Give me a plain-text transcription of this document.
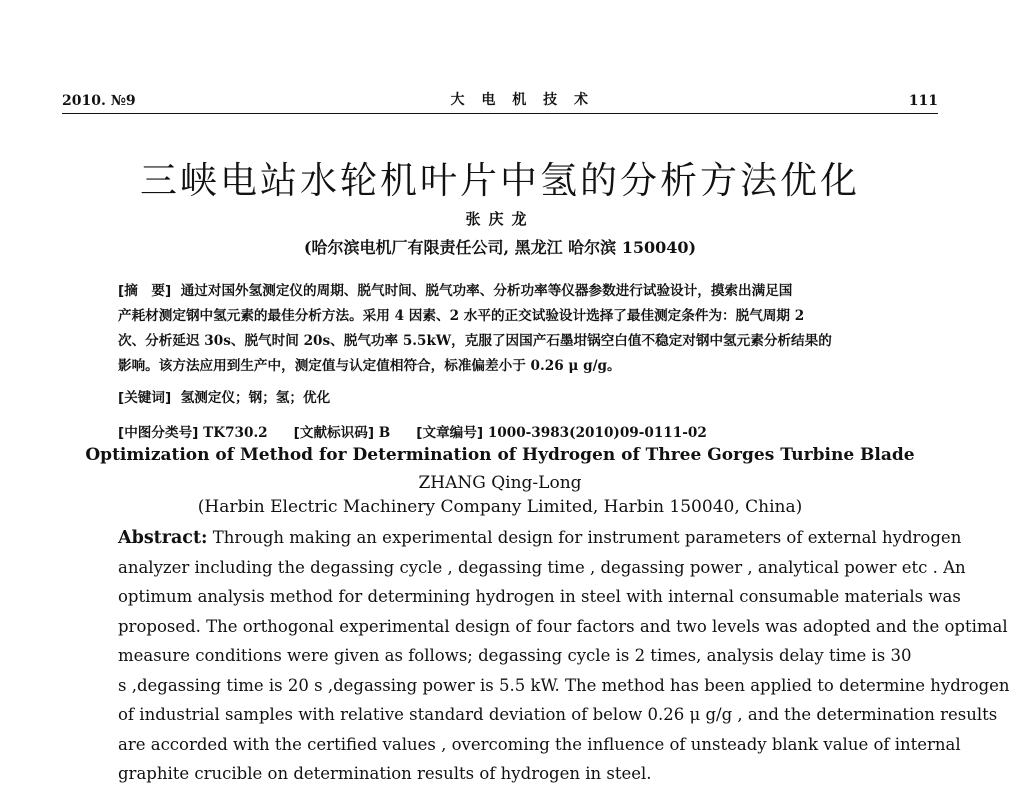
2010. №9	大 电 机 技 术	111
三峡电站水轮机叶片中氢的分析方法优化
张庆龙
(哈尔滨电机厂有限责任公司, 黑龙江 哈尔滨 150040)
[摘　要] 通过对国外氢测定仪的周期、脱气时间、脱气功率、分析功率等仪器参数进行试验设计，摸索出满足国
产耗材测定钢中氢元素的最佳分析方法。采用 4 因素、2 水平的正交试验设计选择了最佳测定条件为：脱气周期 2
次、分析延迟 30s、脱气时间 20s、脱气功率 5.5kW，克服了因国产石墨坩锅空白值不稳定对钢中氢元素分析结果的
影响。该方法应用到生产中，测定值与认定值相符合，标准偏差小于 0.26 μ g/g。
[关键词] 氢测定仪；钢；氢；优化
[中图分类号] TK730.2 [文献标识码] B [文章编号] 1000-3983(2010)09-0111-02
Optimization of Method for Determination of Hydrogen of Three Gorges Turbine Blade
ZHANG Qing-Long
(Harbin Electric Machinery Company Limited, Harbin 150040, China)
Abstract: Through making an experimental design for instrument parameters of external hydrogen
analyzer including the degassing cycle , degassing time , degassing power , analytical power etc . An
optimum analysis method for determining hydrogen in steel with internal consumable materials was
proposed. The orthogonal experimental design of four factors and two levels was adopted and the optimal
measure conditions were given as follows; degassing cycle is 2 times, analysis delay time is 30
s ,degassing time is 20 s ,degassing power is 5.5 kW. The method has been applied to determine hydrogen
of industrial samples with relative standard deviation of below 0.26 μ g/g , and the determination results
are accorded with the certified values , overcoming the influence of unsteady blank value of internal
graphite crucible on determination results of hydrogen in steel.
